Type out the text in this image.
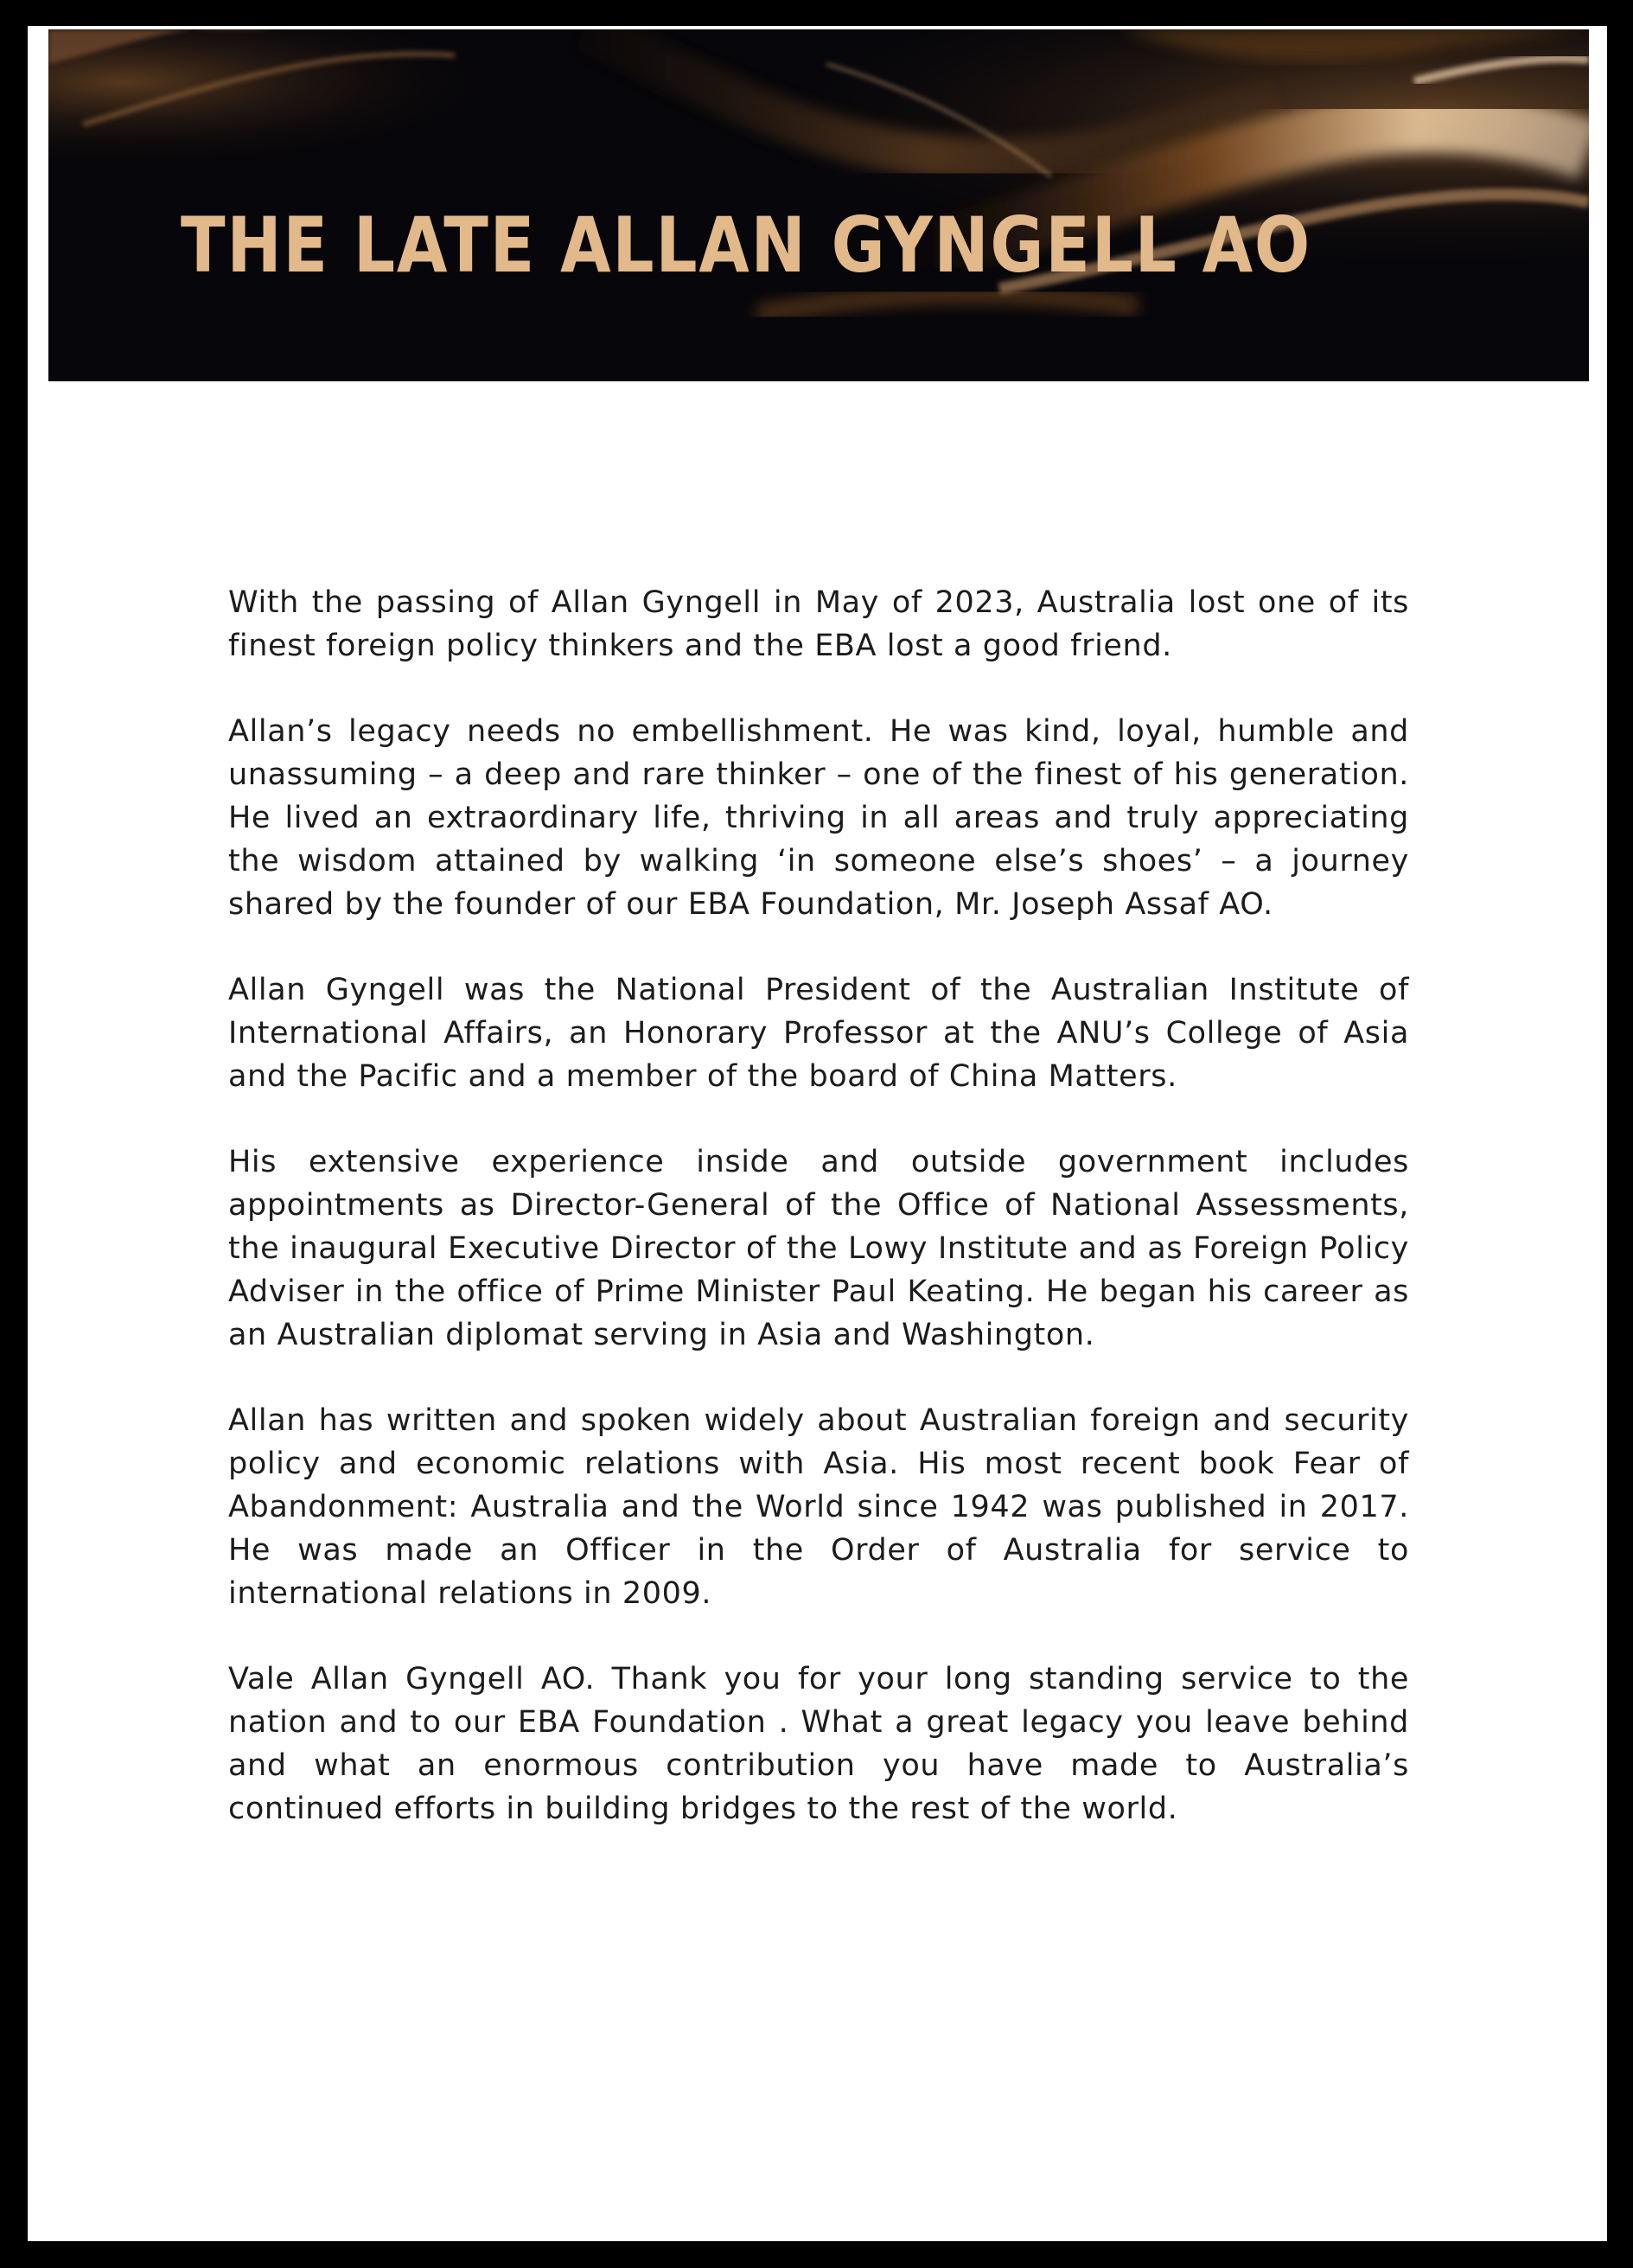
THE LATE ALLAN GYNGELL AO

With the passing of Allan Gyngell in May of 2023, Australia lost one of its finest foreign policy thinkers and the EBA lost a good friend.

Allan’s legacy needs no embellishment. He was kind, loyal, humble and unassuming – a deep and rare thinker – one of the finest of his generation. He lived an extraordinary life, thriving in all areas and truly appreciating the wisdom attained by walking ‘in someone else’s shoes’ – a journey shared by the founder of our EBA Foundation, Mr. Joseph Assaf AO.

Allan Gyngell was the National President of the Australian Institute of International Affairs, an Honorary Professor at the ANU’s College of Asia and the Pacific and a member of the board of China Matters.

His extensive experience inside and outside government includes appointments as Director-General of the Office of National Assessments, the inaugural Executive Director of the Lowy Institute and as Foreign Policy Adviser in the office of Prime Minister Paul Keating. He began his career as an Australian diplomat serving in Asia and Washington.

Allan has written and spoken widely about Australian foreign and security policy and economic relations with Asia. His most recent book Fear of Abandonment: Australia and the World since 1942 was published in 2017. He was made an Officer in the Order of Australia for service to international relations in 2009.

Vale Allan Gyngell AO. Thank you for your long standing service to the nation and to our EBA Foundation . What a great legacy you leave behind and what an enormous contribution you have made to Australia’s continued efforts in building bridges to the rest of the world.
